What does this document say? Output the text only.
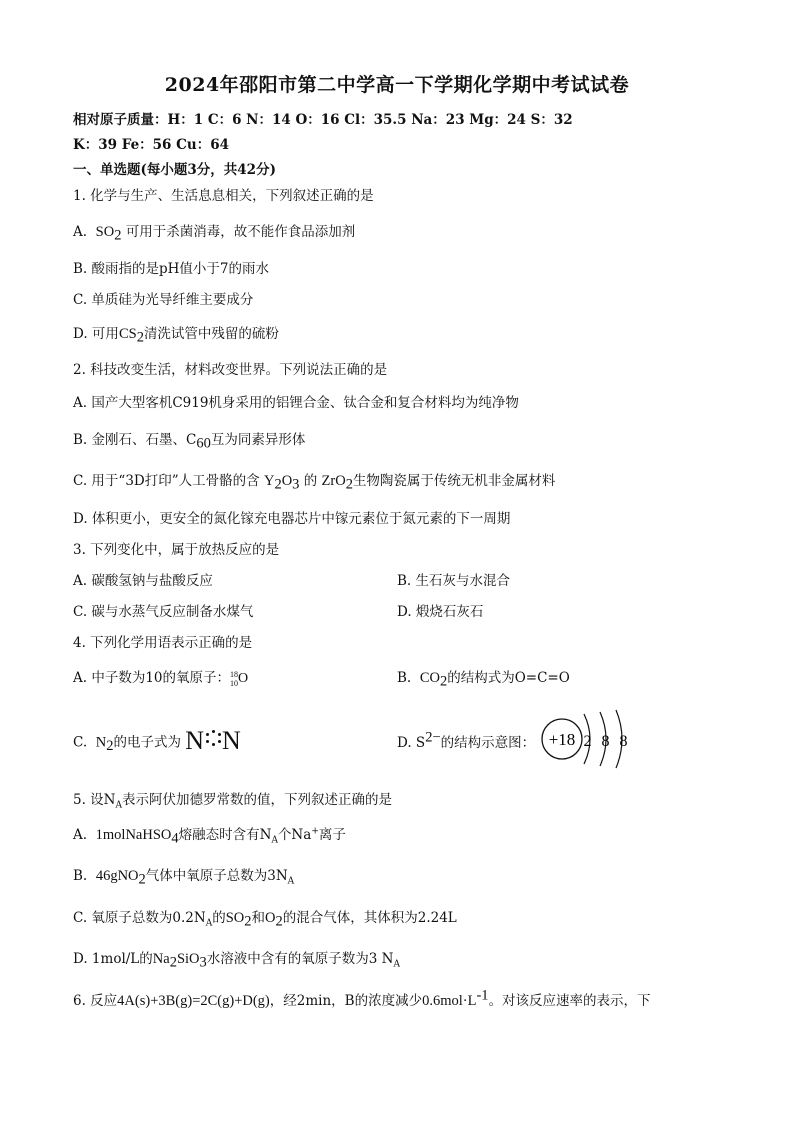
2024年邵阳市第二中学高一下学期化学期中考试试卷
相对原子质量：H：1 C：6 N：14 O：16 Cl：35.5 Na：23 Mg：24 S：32
K：39 Fe：56 Cu：64
一、单选题(每小题3分，共42分)
1. 化学与生产、生活息息相关，下列叙述正确的是
A. $SO_2$ 可用于杀菌消毒，故不能作食品添加剂
B. 酸雨指的是pH值小于7的雨水
C. 单质硅为光导纤维主要成分
D. 可用$CS_2$清洗试管中残留的硫粉
2. 科技改变生活，材料改变世界。下列说法正确的是
A. 国产大型客机C919机身采用的铝锂合金、钛合金和复合材料均为纯净物
B. 金刚石、石墨、$C_{60}$互为同素异形体
C. 用于“3D打印”人工骨骼的含 $Y_2O_3$ 的 ZrO$_2$生物陶瓷属于传统无机非金属材料
D. 体积更小，更安全的氮化镓充电器芯片中镓元素位于氮元素的下一周期
3. 下列变化中，属于放热反应的是
A. 碳酸氢钠与盐酸反应	B. 生石灰与水混合
C. 碳与水蒸气反应制备水煤气	D. 煅烧石灰石
4. 下列化学用语表示正确的是
A. 中子数为10的氧原子： 18
10 O	B. $CO_2$的结构式为O=C=O
C. $N_2$的电子式为 N N	D. $S^{2-}$的结构示意图： +18 2 8 8
5. 设$N_A$表示阿伏加德罗常数的值，下列叙述正确的是
A. 1molNaHSO$_4$熔融态时含有$N_A$个Na+离子
B. 46gNO$_2$气体中氧原子总数为$3N_A$
C. 氧原子总数为$0.2N_A$的$SO_2$和$O_2$的混合气体，其体积为2.24L
D. 1mol/L的$Na_2SiO_3$水溶液中含有的氧原子数为3 $N_A$
6. 反应4A(s)+3B(g)=2C(g)+D(g)，经2min，B的浓度减少$0.6mol\cdot L^{-1}$。对该反应速率的表示，下
